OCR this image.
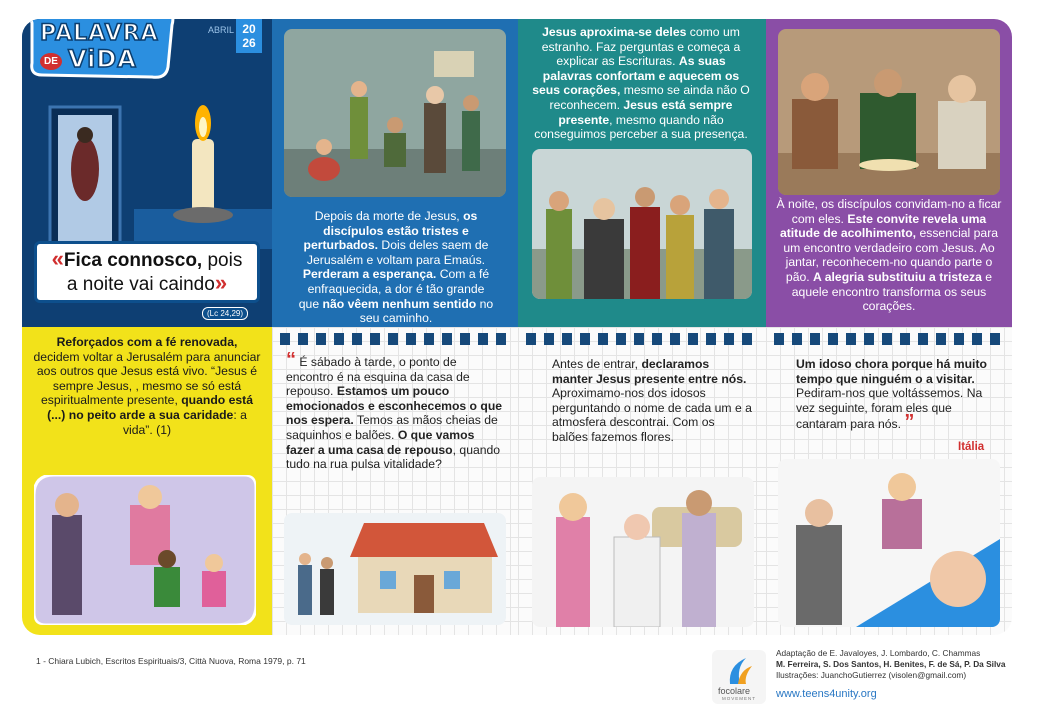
PALAVRA
DE ViDA
ABRIL 20
26
«Fica connosco, pois
a noite vai caindo»
(Lc 24,29)
Depois da morte de Jesus, os discípulos estão tristes e perturbados. Dois deles saem de Jerusalém e voltam para Emaús. Perderam a esperança. Com a fé enfraquecida, a dor é tão grande que não vêem nenhum sentido no seu caminho.
Jesus aproxima-se deles como um estranho. Faz perguntas e começa a explicar as Escrituras. As suas palavras confortam e aquecem os seus corações, mesmo se ainda não O reconhecem. Jesus está sempre presente, mesmo quando não conseguimos perceber a sua presença.
À noite, os discípulos convidam-no a ficar com eles. Este convite revela uma atitude de acolhimento, essencial para um encontro verdadeiro com Jesus. Ao jantar, reconhecem-no quando parte o pão. A alegria substituiu a tristeza e aquele encontro transforma os seus corações.
Reforçados com a fé renovada, decidem voltar a Jerusalém para anunciar aos outros que Jesus está vivo. “Jesus é sempre Jesus, , mesmo se só está espiritualmente presente, quando está (...) no peito arde a sua caridade: a vida”. (1)
“ É sábado à tarde, o ponto de encontro é na esquina da casa de repouso. Estamos um pouco emocionados e esconhecemos o que nos espera. Temos as mãos cheias de saquinhos e balões. O que vamos fazer a uma casa de repouso, quando tudo na rua pulsa vitalidade?
Antes de entrar, declaramos manter Jesus presente entre nós. Aproximamo-nos dos idosos perguntando o nome de cada um e a atmosfera descontrai. Com os balões fazemos flores.
Um idoso chora porque há muito tempo que ninguém o a visitar. Pediram-nos que voltássemos. Na vez seguinte, foram eles que cantaram para nós. ”
Itália
1 - Chiara Lubich, Escritos Espirituais/3, Città Nuova, Roma 1979, p. 71
focolare
MOVEMENT
Adaptação de E. Javaloyes, J. Lombardo, C. Chammas
M. Ferreira, S. Dos Santos, H. Benites, F. de Sá, P. Da Silva
Ilustrações: JuanchoGutierrez (visolen@gmail.com)
www.teens4unity.org
